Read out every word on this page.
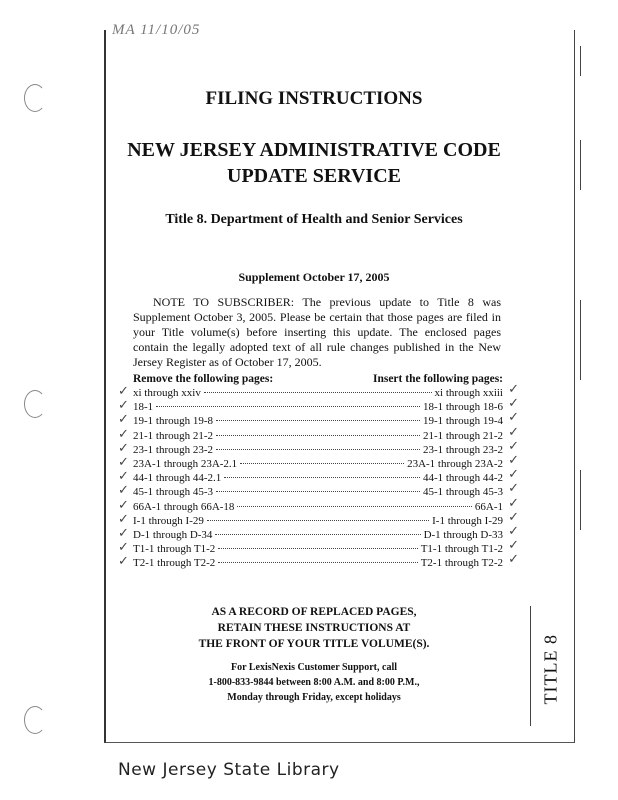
MA 11/10/05
FILING INSTRUCTIONS
NEW JERSEY ADMINISTRATIVE CODE
UPDATE SERVICE
Title 8. Department of Health and Senior Services
Supplement October 17, 2005
NOTE TO SUBSCRIBER: The previous update to Title 8 was Supplement October 3, 2005. Please be certain that those pages are filed in your Title volume(s) before inserting this update. The enclosed pages contain the legally adopted text of all rule changes published in the New Jersey Register as of October 17, 2005.
Remove the following pages:	Insert the following pages:
✓ xi through xxiv	xi through xxiii ✓
✓ 18-1	18-1 through 18-6 ✓
✓ 19-1 through 19-8	19-1 through 19-4 ✓
✓ 21-1 through 21-2	21-1 through 21-2 ✓
✓ 23-1 through 23-2	23-1 through 23-2 ✓
✓ 23A-1 through 23A-2.1	23A-1 through 23A-2 ✓
✓ 44-1 through 44-2.1	44-1 through 44-2 ✓
✓ 45-1 through 45-3	45-1 through 45-3 ✓
✓ 66A-1 through 66A-18	66A-1 ✓
✓ I-1 through I-29	I-1 through I-29 ✓
✓ D-1 through D-34	D-1 through D-33 ✓
✓ T1-1 through T1-2	T1-1 through T1-2 ✓
✓ T2-1 through T2-2	T2-1 through T2-2 ✓
AS A RECORD OF REPLACED PAGES,
RETAIN THESE INSTRUCTIONS AT
THE FRONT OF YOUR TITLE VOLUME(S).
For LexisNexis Customer Support, call
1-800-833-9844 between 8:00 A.M. and 8:00 P.M.,
Monday through Friday, except holidays	TITLE 8
New Jersey State Library
